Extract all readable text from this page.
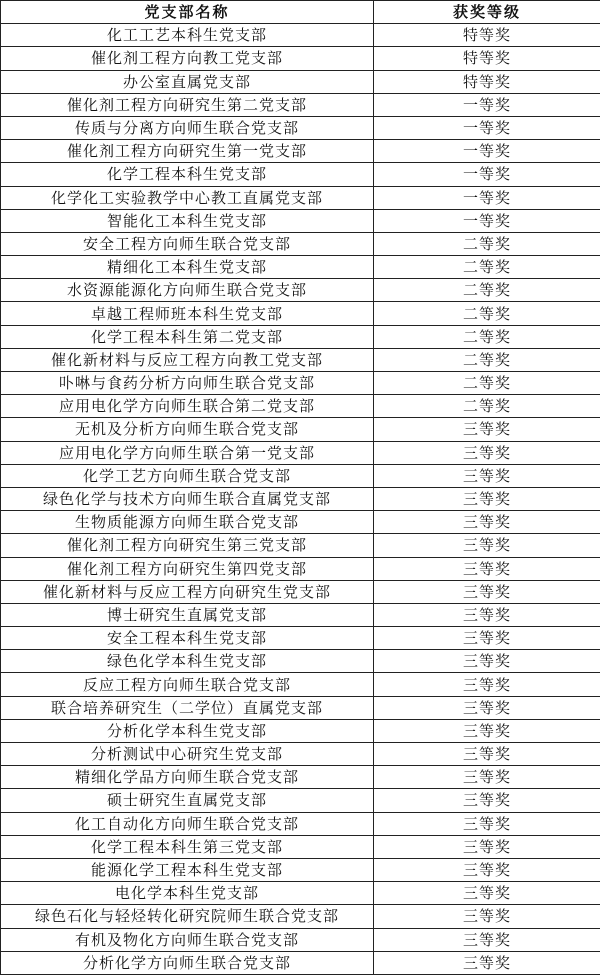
党支部名称	获奖等级
化工工艺本科生党支部	特等奖
催化剂工程方向教工党支部	特等奖
办公室直属党支部	特等奖
催化剂工程方向研究生第二党支部	一等奖
传质与分离方向师生联合党支部	一等奖
催化剂工程方向研究生第一党支部	一等奖
化学工程本科生党支部	一等奖
化学化工实验教学中心教工直属党支部	一等奖
智能化工本科生党支部	一等奖
安全工程方向师生联合党支部	二等奖
精细化工本科生党支部	二等奖
水资源能源化方向师生联合党支部	二等奖
卓越工程师班本科生党支部	二等奖
化学工程本科生第二党支部	二等奖
催化新材料与反应工程方向教工党支部	二等奖
卟啉与食药分析方向师生联合党支部	二等奖
应用电化学方向师生联合第二党支部	二等奖
无机及分析方向师生联合党支部	三等奖
应用电化学方向师生联合第一党支部	三等奖
化学工艺方向师生联合党支部	三等奖
绿色化学与技术方向师生联合直属党支部	三等奖
生物质能源方向师生联合党支部	三等奖
催化剂工程方向研究生第三党支部	三等奖
催化剂工程方向研究生第四党支部	三等奖
催化新材料与反应工程方向研究生党支部	三等奖
博士研究生直属党支部	三等奖
安全工程本科生党支部	三等奖
绿色化学本科生党支部	三等奖
反应工程方向师生联合党支部	三等奖
联合培养研究生（二学位）直属党支部	三等奖
分析化学本科生党支部	三等奖
分析测试中心研究生党支部	三等奖
精细化学品方向师生联合党支部	三等奖
硕士研究生直属党支部	三等奖
化工自动化方向师生联合党支部	三等奖
化学工程本科生第三党支部	三等奖
能源化学工程本科生党支部	三等奖
电化学本科生党支部	三等奖
绿色石化与轻烃转化研究院师生联合党支部	三等奖
有机及物化方向师生联合党支部	三等奖
分析化学方向师生联合党支部	三等奖
